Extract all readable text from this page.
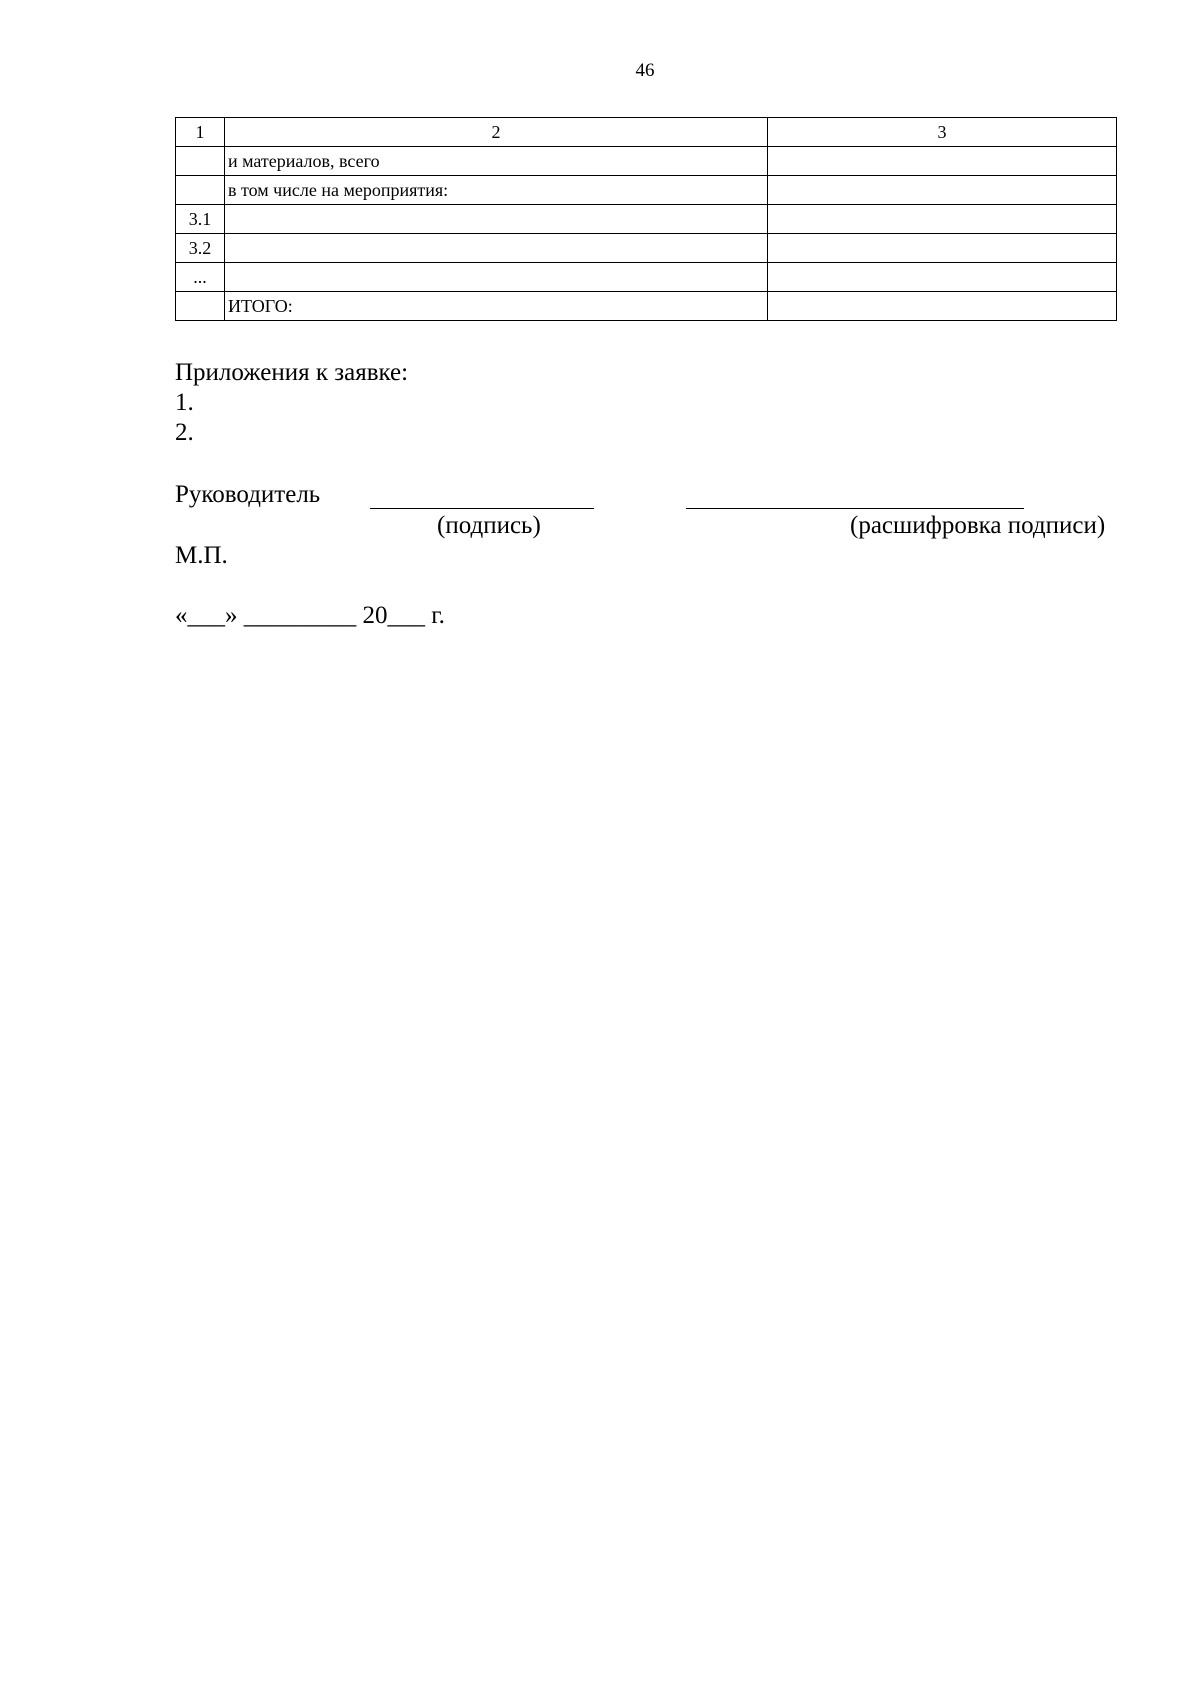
46
1	2	3
	и материалов, всего	
	в том числе на мероприятия:	
3.1		
3.2		
...		
	ИТОГО:	
Приложения к заявке:
1.
2.
Руководитель
(подпись)	(расшифровка подписи)
М.П.
«___» _________ 20___ г.
